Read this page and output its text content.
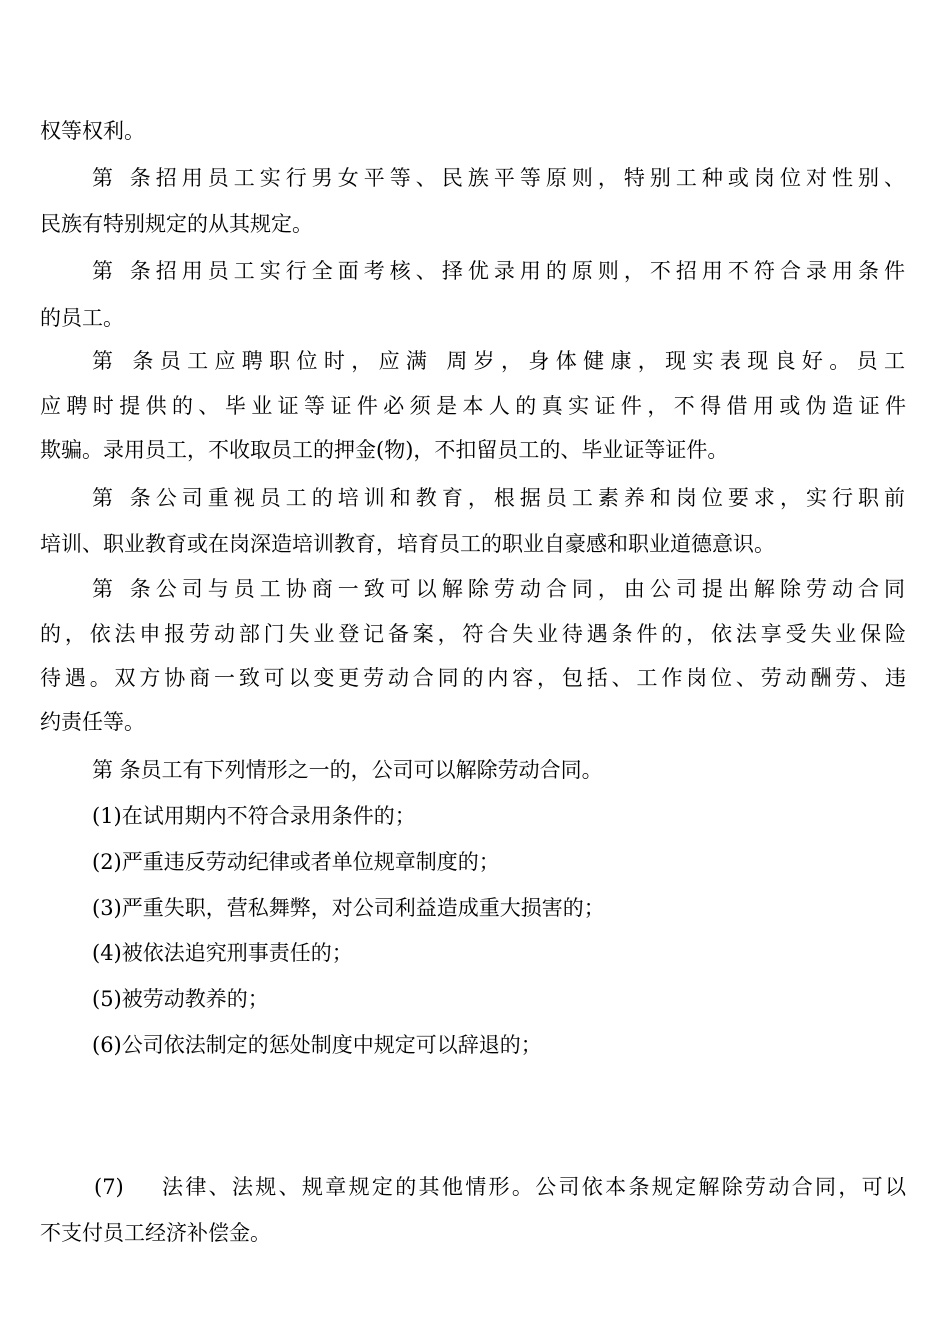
权等权利。
第 条招用员工实行男女平等、民族平等原则，特别工种或岗位对性别、
民族有特别规定的从其规定。
第 条招用员工实行全面考核、择优录用的原则，不招用不符合录用条件
的员工。
第 条员工应聘职位时，应满 周岁，身体健康，现实表现良好。员工
应聘时提供的、毕业证等证件必须是本人的真实证件，不得借用或伪造证件
欺骗。录用员工，不收取员工的押金(物)，不扣留员工的、毕业证等证件。
第 条公司重视员工的培训和教育，根据员工素养和岗位要求，实行职前
培训、职业教育或在岗深造培训教育，培育员工的职业自豪感和职业道德意识。
第 条公司与员工协商一致可以解除劳动合同，由公司提出解除劳动合同
的，依法申报劳动部门失业登记备案，符合失业待遇条件的，依法享受失业保险
待遇。双方协商一致可以变更劳动合同的内容，包括、工作岗位、劳动酬劳、违
约责任等。
第 条员工有下列情形之一的，公司可以解除劳动合同。
(1)在试用期内不符合录用条件的；
(2)严重违反劳动纪律或者单位规章制度的；
(3)严重失职，营私舞弊，对公司利益造成重大损害的；
(4)被依法追究刑事责任的；
(5)被劳动教养的；
(6)公司依法制定的惩处制度中规定可以辞退的；
(7) 法律、法规、规章规定的其他情形。公司依本条规定解除劳动合同，可以
不支付员工经济补偿金。
